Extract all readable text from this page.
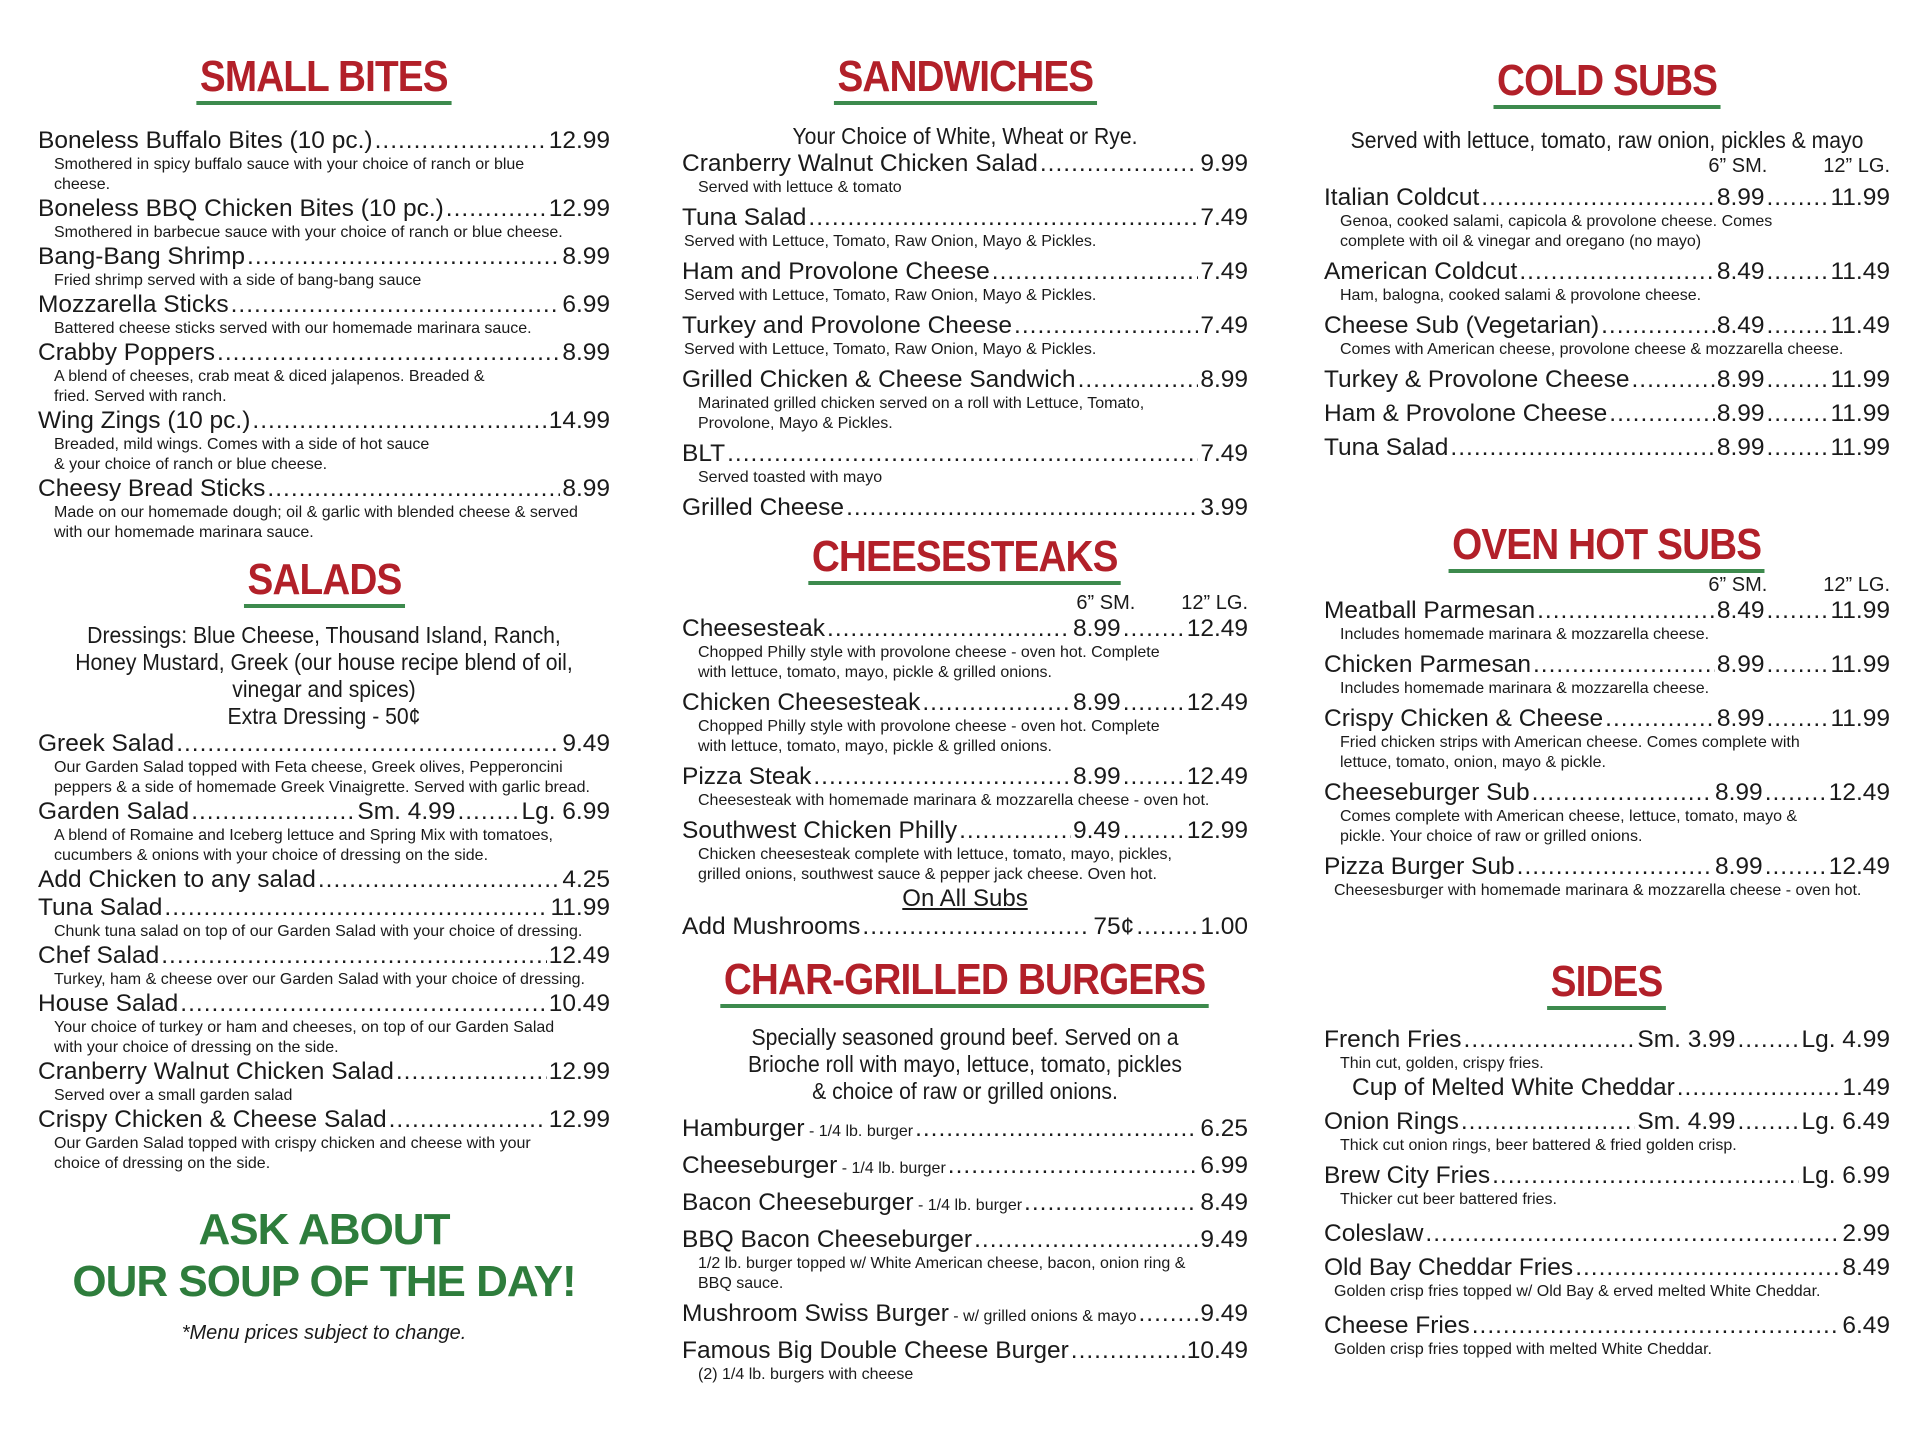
SMALL BITES
Boneless Buffalo Bites (10 pc.) .....	12.99
Smothered in spicy buffalo sauce with your choice of ranch or blue cheese.
Boneless BBQ Chicken Bites (10 pc.) .....	12.99
Smothered in barbecue sauce with your choice of ranch or blue cheese.
Bang-Bang Shrimp .....	8.99
Fried shrimp served with a side of bang-bang sauce
Mozzarella Sticks .....	6.99
Battered cheese sticks served with our homemade marinara sauce.
Crabby Poppers .....	8.99
A blend of cheeses, crab meat & diced jalapenos. Breaded & fried. Served with ranch.
Wing Zings (10 pc.) .....	14.99
Breaded, mild wings. Comes with a side of hot sauce & your choice of ranch or blue cheese.
Cheesy Bread Sticks .....	8.99
Made on our homemade dough; oil & garlic with blended cheese & served with our homemade marinara sauce.
SALADS
Dressings: Blue Cheese, Thousand Island, Ranch, Honey Mustard, Greek (our house recipe blend of oil, vinegar and spices)
Extra Dressing - 50¢
Greek Salad .....	9.49
Our Garden Salad topped with Feta cheese, Greek olives, Pepperoncini peppers & a side of homemade Greek Vinaigrette. Served with garlic bread.
Garden Salad .....	Sm. 4.99 .....	Lg. 6.99
A blend of Romaine and Iceberg lettuce and Spring Mix with tomatoes, cucumbers & onions with your choice of dressing on the side.
Add Chicken to any salad .....	4.25
Tuna Salad .....	11.99
Chunk tuna salad on top of our Garden Salad with your choice of dressing.
Chef Salad .....	12.49
Turkey, ham & cheese over our Garden Salad with your choice of dressing.
House Salad .....	10.49
Your choice of turkey or ham and cheeses, on top of our Garden Salad with your choice of dressing on the side.
Cranberry Walnut Chicken Salad .....	12.99
Served over a small garden salad
Crispy Chicken & Cheese Salad .....	12.99
Our Garden Salad topped with crispy chicken and cheese with your choice of dressing on the side.
ASK ABOUT
OUR SOUP OF THE DAY!
*Menu prices subject to change.
SANDWICHES
Your Choice of White, Wheat or Rye.
Cranberry Walnut Chicken Salad .....	9.99
Served with lettuce & tomato
Tuna Salad .....	7.49
Served with Lettuce, Tomato, Raw Onion, Mayo & Pickles.
Ham and Provolone Cheese .....	7.49
Served with Lettuce, Tomato, Raw Onion, Mayo & Pickles.
Turkey and Provolone Cheese .....	7.49
Served with Lettuce, Tomato, Raw Onion, Mayo & Pickles.
Grilled Chicken & Cheese Sandwich .....	8.99
Marinated grilled chicken served on a roll with Lettuce, Tomato, Provolone, Mayo & Pickles.
BLT .....	7.49
Served toasted with mayo
Grilled Cheese .....	3.99
CHEESESTEAKS
6” SM. 12” LG.
Cheesesteak .....	8.99 .....	12.49
Chopped Philly style with provolone cheese - oven hot. Complete with lettuce, tomato, mayo, pickle & grilled onions.
Chicken Cheesesteak .....	8.99 .....	12.49
Chopped Philly style with provolone cheese - oven hot. Complete with lettuce, tomato, mayo, pickle & grilled onions.
Pizza Steak .....	8.99 .....	12.49
Cheesesteak with homemade marinara & mozzarella cheese - oven hot.
Southwest Chicken Philly .....	9.49 .....	12.99
Chicken cheesesteak complete with lettuce, tomato, mayo, pickles, grilled onions, southwest sauce & pepper jack cheese. Oven hot.
On All Subs
Add Mushrooms .....	75¢ .....	1.00
CHAR-GRILLED BURGERS
Specially seasoned ground beef. Served on a Brioche roll with mayo, lettuce, tomato, pickles & choice of raw or grilled onions.
Hamburger - 1/4 lb. burger .....	6.25
Cheeseburger - 1/4 lb. burger .....	6.99
Bacon Cheeseburger - 1/4 lb. burger .....	8.49
BBQ Bacon Cheeseburger .....	9.49
1/2 lb. burger topped w/ White American cheese, bacon, onion ring & BBQ sauce.
Mushroom Swiss Burger - w/ grilled onions & mayo .....	9.49
Famous Big Double Cheese Burger .....	10.49
(2) 1/4 lb. burgers with cheese
COLD SUBS
Served with lettuce, tomato, raw onion, pickles & mayo
6” SM.	12” LG.
Italian Coldcut .....	8.99 .....	11.99
Genoa, cooked salami, capicola & provolone cheese. Comes complete with oil & vinegar and oregano (no mayo)
American Coldcut .....	8.49 .....	11.49
Ham, balogna, cooked salami & provolone cheese.
Cheese Sub (Vegetarian) .....	8.49 .....	11.49
Comes with American cheese, provolone cheese & mozzarella cheese.
Turkey & Provolone Cheese .....	8.99 .....	11.99
Ham & Provolone Cheese .....	8.99 .....	11.99
Tuna Salad .....	8.99 .....	11.99
OVEN HOT SUBS
6” SM.	12” LG.
Meatball Parmesan .....	8.49 .....	11.99
Includes homemade marinara & mozzarella cheese.
Chicken Parmesan .....	8.99 .....	11.99
Includes homemade marinara & mozzarella cheese.
Crispy Chicken & Cheese .....	8.99 .....	11.99
Fried chicken strips with American cheese. Comes complete with lettuce, tomato, onion, mayo & pickle.
Cheeseburger Sub .....	8.99 .....	12.49
Comes complete with American cheese, lettuce, tomato, mayo & pickle. Your choice of raw or grilled onions.
Pizza Burger Sub .....	8.99 .....	12.49
Cheesesburger with homemade marinara & mozzarella cheese - oven hot.
SIDES
French Fries .....	Sm. 3.99 .....	Lg. 4.99
Thin cut, golden, crispy fries.
Cup of Melted White Cheddar .....	1.49
Onion Rings .....	Sm. 4.99 .....	Lg. 6.49
Thick cut onion rings, beer battered & fried golden crisp.
Brew City Fries .....	Lg. 6.99
Thicker cut beer battered fries.
Coleslaw .....	2.99
Old Bay Cheddar Fries .....	8.49
Golden crisp fries topped w/ Old Bay & erved melted White Cheddar.
Cheese Fries .....	6.49
Golden crisp fries topped with melted White Cheddar.
